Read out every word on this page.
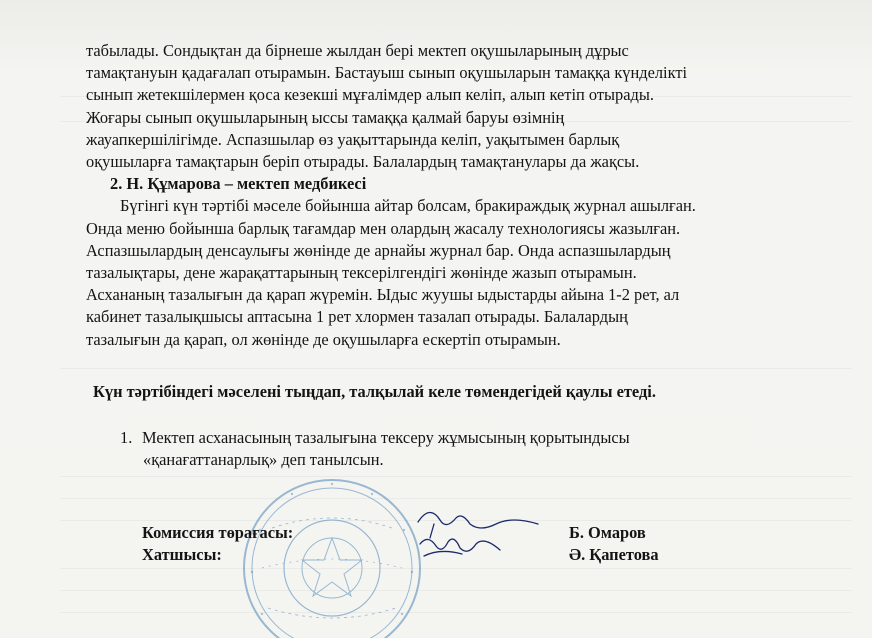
табылады. Сондықтан да бірнеше жылдан бері мектеп оқушыларының дұрыс
тамақтануын қадағалап отырамын. Бастауыш сынып оқушыларын тамаққа күнделікті
сынып жетекшілермен қоса кезекші мұғалімдер алып келіп, алып кетіп отырады.
Жоғары сынып оқушыларының ыссы тамаққа қалмай баруы өзімнің
жауапкершілігімде. Аспазшылар өз уақыттарында келіп, уақытымен барлық
оқушыларға тамақтарын беріп отырады. Балалардың тамақтанулары да жақсы.
2. Н. Құмарова – мектеп медбикесі
Бүгінгі күн тәртібі мәселе бойынша айтар болсам, бракираждық журнал ашылған.
Онда меню бойынша барлық тағамдар мен олардың жасалу технологиясы жазылған.
Аспазшылардың денсаулығы жөнінде де арнайы журнал бар. Онда аспазшылардың
тазалықтары, дене жарақаттарының тексерілгендігі жөнінде жазып отырамын.
Асхананың тазалығын да қарап жүремін. Ыдыс жуушы ыдыстарды айына 1-2 рет, ал
кабинет тазалықшысы аптасына 1 рет хлормен тазалап отырады. Балалардың
тазалығын да қарап, ол жөнінде де оқушыларға ескертіп отырамын.
Күн тәртібіндегі мәселені тыңдап, талқылай келе төмендегідей қаулы етеді.
1. Мектеп асханасының тазалығына тексеру жұмысының қорытындысы
«қанағаттанарлық» деп танылсын.
Комиссия төрағасы:	Б. Омаров
Хатшысы:	Ә. Қапетова
